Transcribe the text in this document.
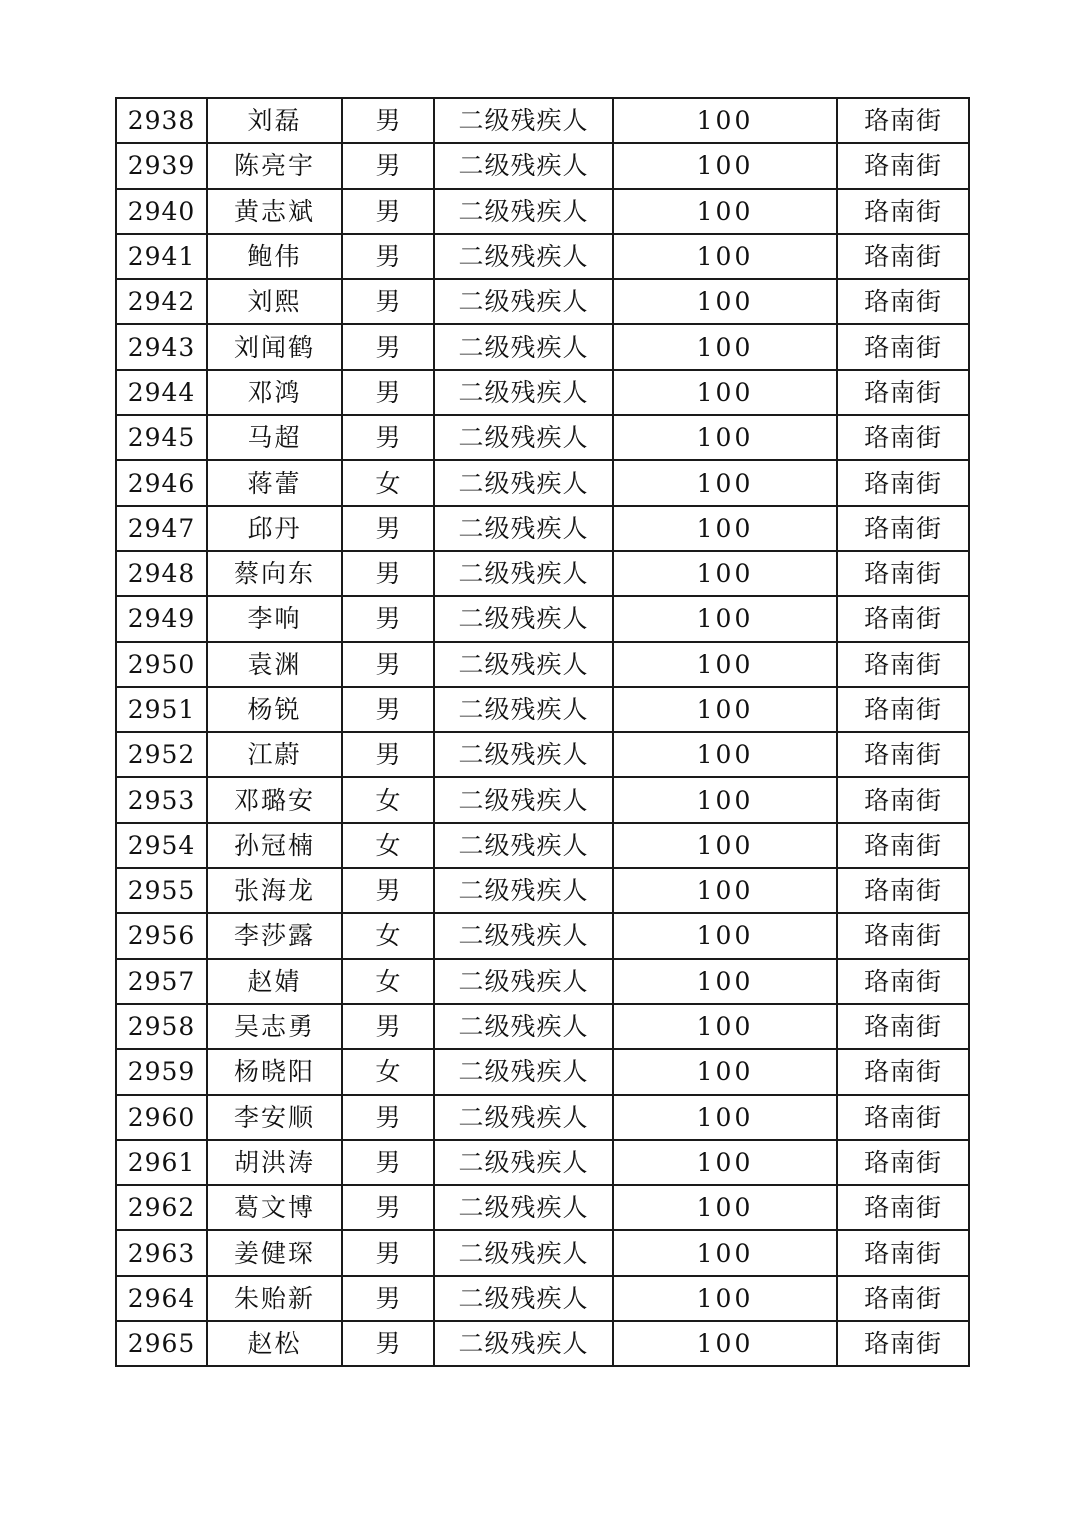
2938	刘磊	男	二级残疾人	100	珞南街
2939	陈亮宇	男	二级残疾人	100	珞南街
2940	黄志斌	男	二级残疾人	100	珞南街
2941	鲍伟	男	二级残疾人	100	珞南街
2942	刘熙	男	二级残疾人	100	珞南街
2943	刘闻鹤	男	二级残疾人	100	珞南街
2944	邓鸿	男	二级残疾人	100	珞南街
2945	马超	男	二级残疾人	100	珞南街
2946	蒋蕾	女	二级残疾人	100	珞南街
2947	邱丹	男	二级残疾人	100	珞南街
2948	蔡向东	男	二级残疾人	100	珞南街
2949	李响	男	二级残疾人	100	珞南街
2950	袁渊	男	二级残疾人	100	珞南街
2951	杨锐	男	二级残疾人	100	珞南街
2952	江蔚	男	二级残疾人	100	珞南街
2953	邓璐安	女	二级残疾人	100	珞南街
2954	孙冠楠	女	二级残疾人	100	珞南街
2955	张海龙	男	二级残疾人	100	珞南街
2956	李莎露	女	二级残疾人	100	珞南街
2957	赵婧	女	二级残疾人	100	珞南街
2958	吴志勇	男	二级残疾人	100	珞南街
2959	杨晓阳	女	二级残疾人	100	珞南街
2960	李安顺	男	二级残疾人	100	珞南街
2961	胡洪涛	男	二级残疾人	100	珞南街
2962	葛文博	男	二级残疾人	100	珞南街
2963	姜健琛	男	二级残疾人	100	珞南街
2964	朱贻新	男	二级残疾人	100	珞南街
2965	赵松	男	二级残疾人	100	珞南街
